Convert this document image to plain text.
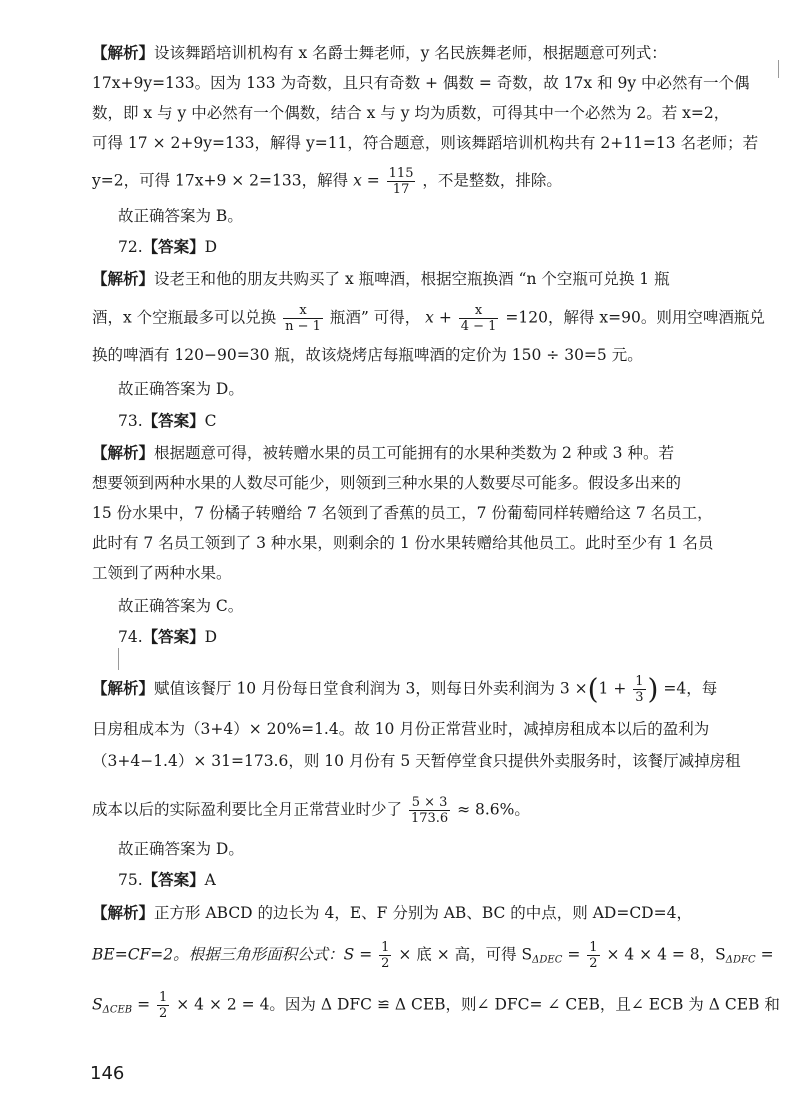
【解析】设该舞蹈培训机构有 x 名爵士舞老师，y 名民族舞老师，根据题意可列式：
17x+9y=133。因为 133 为奇数，且只有奇数 + 偶数 = 奇数，故 17x 和 9y 中必然有一个偶
数，即 x 与 y 中必然有一个偶数，结合 x 与 y 均为质数，可得其中一个必然为 2。若 x=2，
可得 17 × 2+9y=133，解得 y=11，符合题意，则该舞蹈培训机构共有 2+11=13 名老师；若
y=2，可得 17x+9 × 2=133，解得 $x = \frac{115}{17}$ ，不是整数，排除。
故正确答案为 B。
72.【答案】D
【解析】设老王和他的朋友共购买了 x 瓶啤酒，根据空瓶换酒 “n 个空瓶可兑换 1 瓶
酒，x 个空瓶最多可以兑换 $\frac{x}{n - 1}$ 瓶酒” 可得， $x + \frac{x}{4 - 1} =120$，解得 x=90。则用空啤酒瓶兑
换的啤酒有 120−90=30 瓶，故该烧烤店每瓶啤酒的定价为 150 ÷ 30=5 元。
故正确答案为 D。
73.【答案】C
【解析】根据题意可得，被转赠水果的员工可能拥有的水果种类数为 2 种或 3 种。若
想要领到两种水果的人数尽可能少，则领到三种水果的人数要尽可能多。假设多出来的
15 份水果中，7 份橘子转赠给 7 名领到了香蕉的员工，7 份葡萄同样转赠给这 7 名员工，
此时有 7 名员工领到了 3 种水果，则剩余的 1 份水果转赠给其他员工。此时至少有 1 名员
工领到了两种水果。
故正确答案为 C。
74.【答案】D
【解析】赋值该餐厅 10 月份每日堂食利润为 3，则每日外卖利润为 $3 \times(1 + \frac{1}{3}$ ) =4，每
日房租成本为（3+4）× 20%=1.4。故 10 月份正常营业时，减掉房租成本以后的盈利为
（3+4−1.4）× 31=173.6，则 10 月份有 5 天暂停堂食只提供外卖服务时，该餐厅减掉房租
成本以后的实际盈利要比全月正常营业时少了 $\frac{5 \times 3}{173.6} \approx 8.6\%$。
故正确答案为 D。
75.【答案】A
【解析】正方形 ABCD 的边长为 4，E、F 分别为 AB、BC 的中点，则 AD=CD=4，
BE=CF=2。根据三角形面积公式：$S = \frac{1}{2}$ × 底 × 高，可得 $S_{\Delta DEC} = \frac{1}{2} \times 4 \times 4 = 8$，$S_{\Delta DFC}$ =
$S_{\Delta CEB} = \frac{1}{2} \times 4 \times 2 = 4$。因为 Δ DFC ≌ Δ CEB，则∠ DFC= ∠ CEB，且∠ ECB 为 Δ CEB 和
146
